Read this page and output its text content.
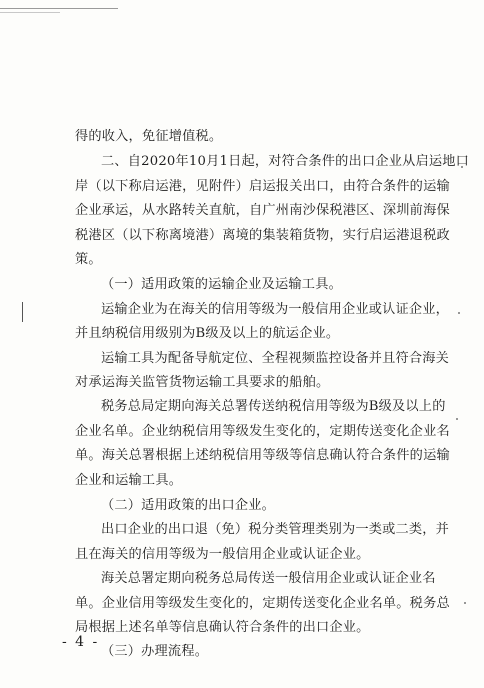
得的收入，免征增值税。
二、自2020年10月1日起，对符合条件的出口企业从启运地口
岸（以下称启运港，见附件）启运报关出口，由符合条件的运输
企业承运，从水路转关直航，自广州南沙保税港区、深圳前海保
税港区（以下称离境港）离境的集装箱货物，实行启运港退税政
策。
（一）适用政策的运输企业及运输工具。
运输企业为在海关的信用等级为一般信用企业或认证企业，
并且纳税信用级别为B级及以上的航运企业。
运输工具为配备导航定位、全程视频监控设备并且符合海关
对承运海关监管货物运输工具要求的船舶。
税务总局定期向海关总署传送纳税信用等级为B级及以上的
企业名单。企业纳税信用等级发生变化的，定期传送变化企业名
单。海关总署根据上述纳税信用等级等信息确认符合条件的运输
企业和运输工具。
（二）适用政策的出口企业。
出口企业的出口退（免）税分类管理类别为一类或二类，并
且在海关的信用等级为一般信用企业或认证企业。
海关总署定期向税务总局传送一般信用企业或认证企业名
单。企业信用等级发生变化的，定期传送变化企业名单。税务总
局根据上述名单等信息确认符合条件的出口企业。
（三）办理流程。
- 4 -
